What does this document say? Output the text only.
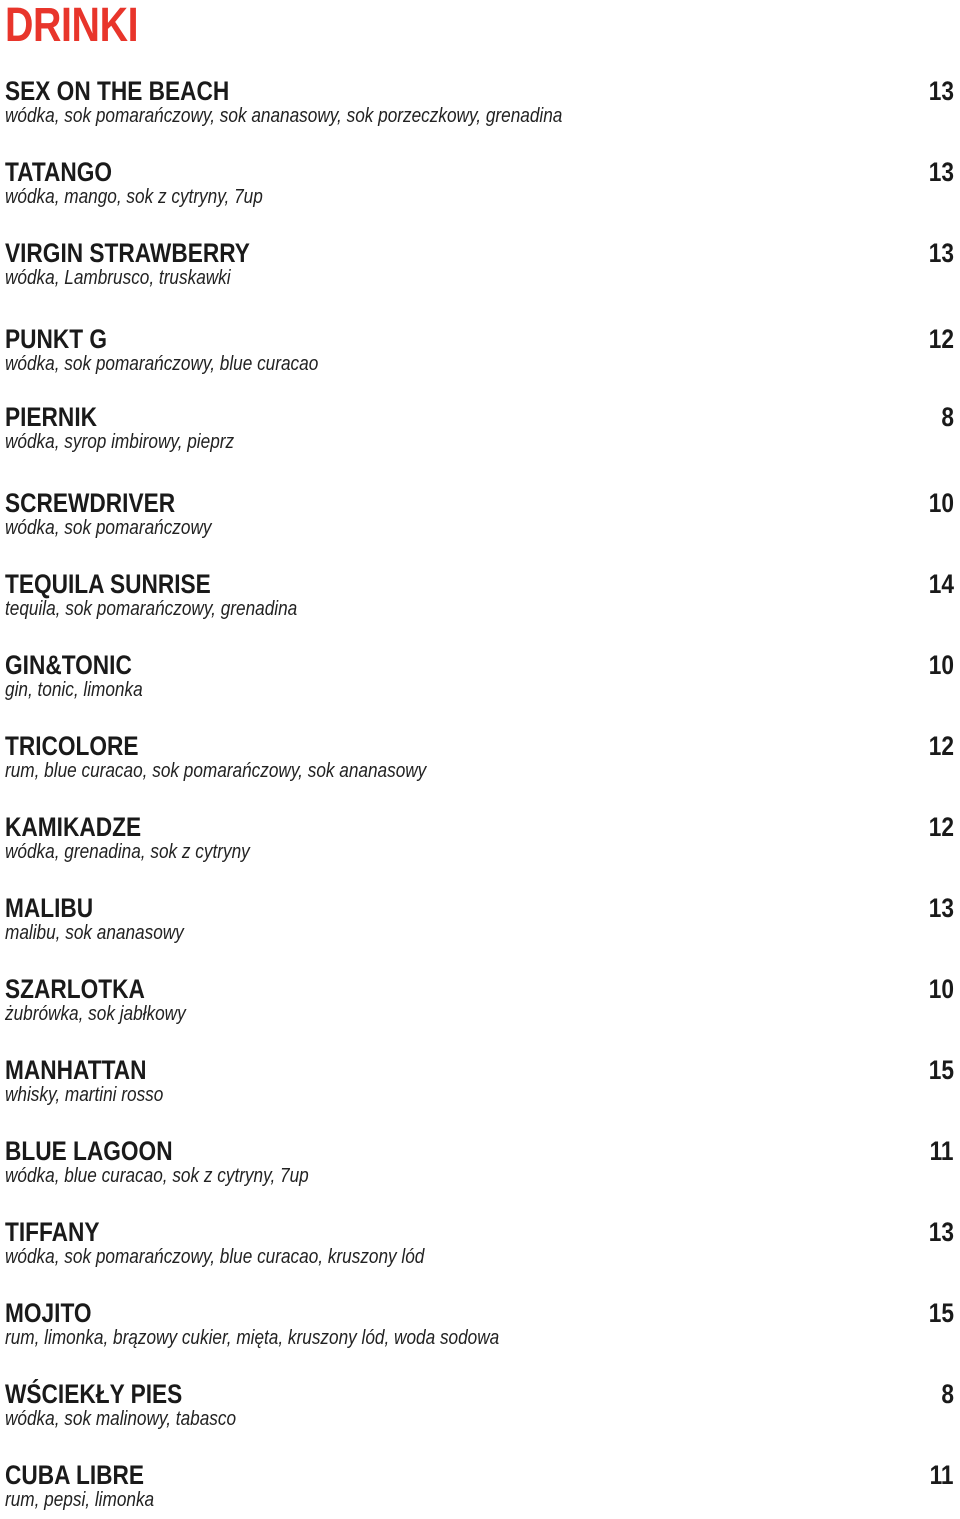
DRINKI
SEX ON THE BEACH	13
wódka, sok pomarańczowy, sok ananasowy, sok porzeczkowy, grenadina
TATANGO	13
wódka, mango, sok z cytryny, 7up
VIRGIN STRAWBERRY	13
wódka, Lambrusco, truskawki
PUNKT G	12
wódka, sok pomarańczowy, blue curacao
PIERNIK	8
wódka, syrop imbirowy, pieprz
SCREWDRIVER	10
wódka, sok pomarańczowy
TEQUILA SUNRISE	14
tequila, sok pomarańczowy, grenadina
GIN&TONIC	10
gin, tonic, limonka
TRICOLORE	12
rum, blue curacao, sok pomarańczowy, sok ananasowy
KAMIKADZE	12
wódka, grenadina, sok z cytryny
MALIBU	13
malibu, sok ananasowy
SZARLOTKA	10
żubrówka, sok jabłkowy
MANHATTAN	15
whisky, martini rosso
BLUE LAGOON	11
wódka, blue curacao, sok z cytryny, 7up
TIFFANY	13
wódka, sok pomarańczowy, blue curacao, kruszony lód
MOJITO	15
rum, limonka, brązowy cukier, mięta, kruszony lód, woda sodowa
WŚCIEKŁY PIES	8
wódka, sok malinowy, tabasco
CUBA LIBRE	11
rum, pepsi, limonka
